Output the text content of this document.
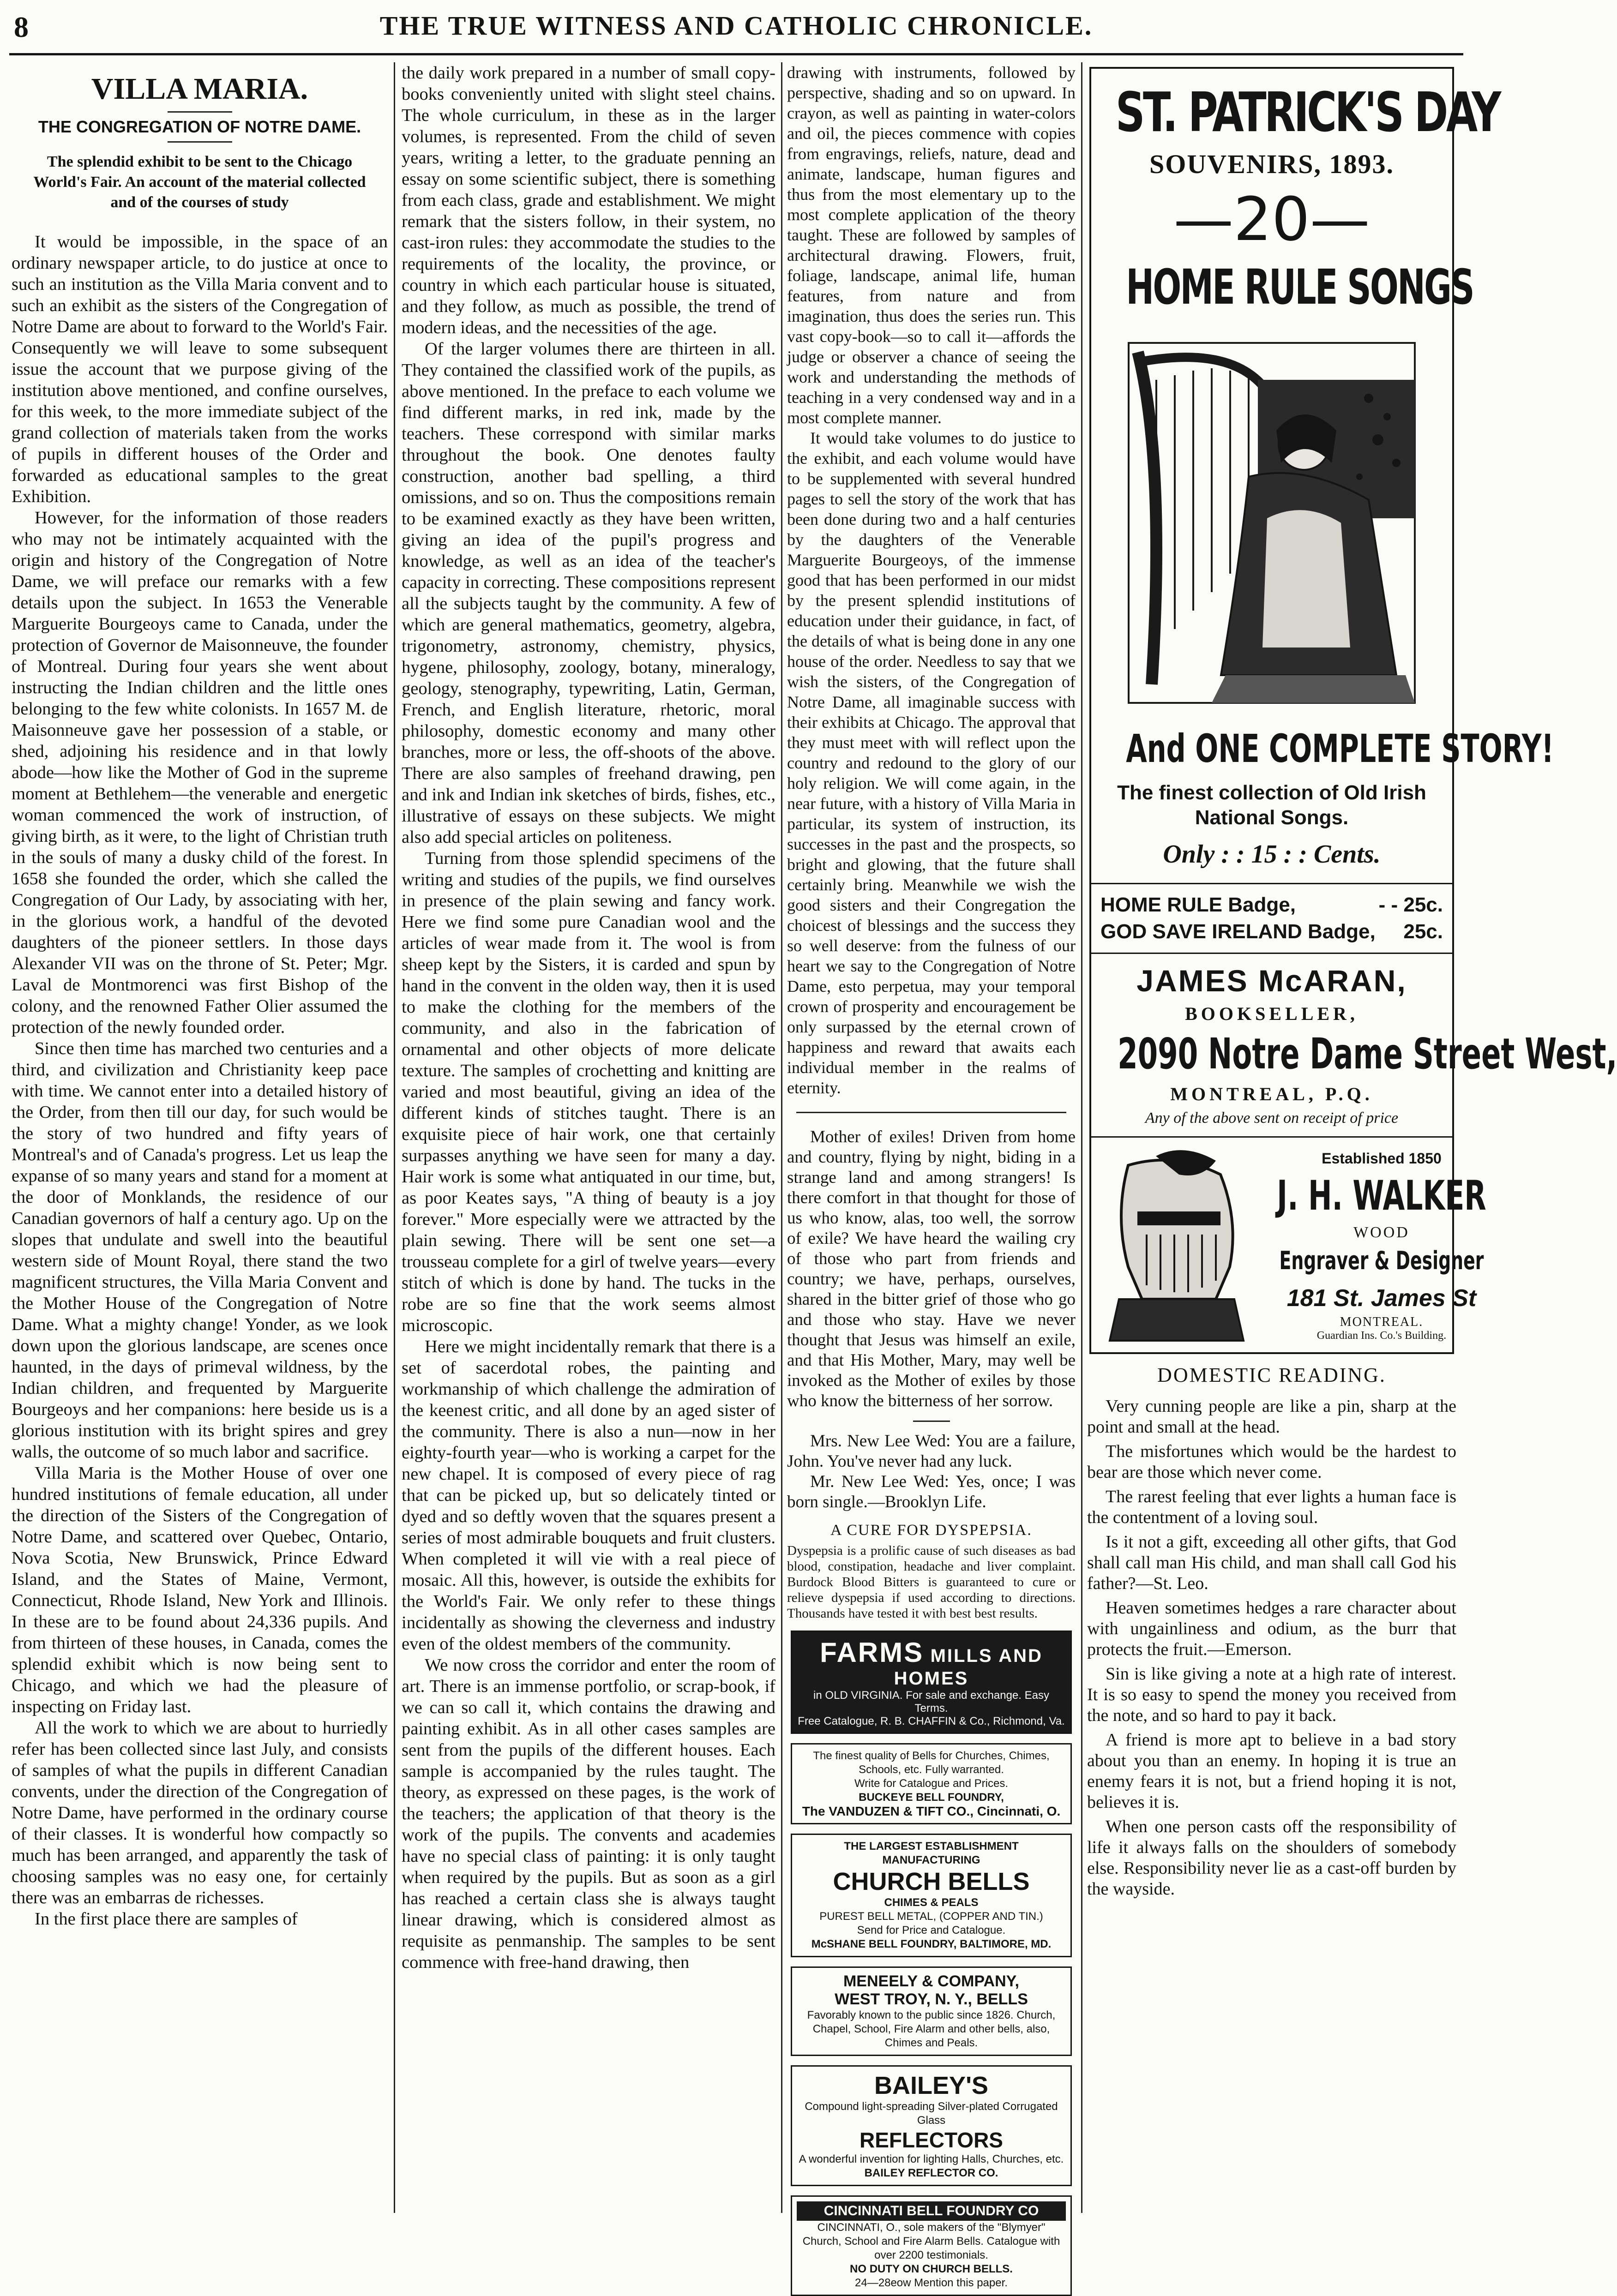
8	THE TRUE WITNESS AND CATHOLIC CHRONICLE.
VILLA MARIA.
THE CONGREGATION OF NOTRE DAME.
The splendid exhibit to be sent to the Chicago World's Fair. An account of the material collected and of the courses of study

It would be impossible, in the space of an ordinary newspaper article, to do justice at once to such an institution as the Villa Maria convent and to such an exhibit as the sisters of the Congregation of Notre Dame are about to forward to the World's Fair. Consequently we will leave to some subsequent issue the account that we purpose giving of the institution above mentioned, and confine ourselves, for this week, to the more immediate subject of the grand collection of materials taken from the works of pupils in different houses of the Order and forwarded as educational samples to the great Exhibition.

However, for the information of those readers who may not be intimately acquainted with the origin and history of the Congregation of Notre Dame, we will preface our remarks with a few details upon the subject. In 1653 the Venerable Marguerite Bourgeoys came to Canada, under the protection of Governor de Maisonneuve, the founder of Montreal. During four years she went about instructing the Indian children and the little ones belonging to the few white colonists. In 1657 M. de Maisonneuve gave her possession of a stable, or shed, adjoining his residence and in that lowly abode—how like the Mother of God in the supreme moment at Bethlehem—the venerable and energetic woman commenced the work of instruction, of giving birth, as it were, to the light of Christian truth in the souls of many a dusky child of the forest. In 1658 she founded the order, which she called the Congregation of Our Lady, by associating with her, in the glorious work, a handful of the devoted daughters of the pioneer settlers. In those days Alexander VII was on the throne of St. Peter; Mgr. Laval de Montmorenci was first Bishop of the colony, and the renowned Father Olier assumed the protection of the newly founded order.

Since then time has marched two centuries and a third, and civilization and Christianity keep pace with time. We cannot enter into a detailed history of the Order, from then till our day, for such would be the story of two hundred and fifty years of Montreal's and of Canada's progress. Let us leap the expanse of so many years and stand for a moment at the door of Monklands, the residence of our Canadian governors of half a century ago. Up on the slopes that undulate and swell into the beautiful western side of Mount Royal, there stand the two magnificent structures, the Villa Maria Convent and the Mother House of the Congregation of Notre Dame. What a mighty change! Yonder, as we look down upon the glorious landscape, are scenes once haunted, in the days of primeval wildness, by the Indian children, and frequented by Marguerite Bourgeoys and her companions: here beside us is a glorious institution with its bright spires and grey walls, the outcome of so much labor and sacrifice.

Villa Maria is the Mother House of over one hundred institutions of female education, all under the direction of the Sisters of the Congregation of Notre Dame, and scattered over Quebec, Ontario, Nova Scotia, New Brunswick, Prince Edward Island, and the States of Maine, Vermont, Connecticut, Rhode Island, New York and Illinois. In these are to be found about 24,336 pupils. And from thirteen of these houses, in Canada, comes the splendid exhibit which is now being sent to Chicago, and which we had the pleasure of inspecting on Friday last.

All the work to which we are about to hurriedly refer has been collected since last July, and consists of samples of what the pupils in different Canadian convents, under the direction of the Congregation of Notre Dame, have performed in the ordinary course of their classes. It is wonderful how compactly so much has been arranged, and apparently the task of choosing samples was no easy one, for certainly there was an embarras de richesses.

In the first place there are samples of

the daily work prepared in a number of small copy-books conveniently united with slight steel chains. The whole curriculum, in these as in the larger volumes, is represented. From the child of seven years, writing a letter, to the graduate penning an essay on some scientific subject, there is something from each class, grade and establishment. We might remark that the sisters follow, in their system, no cast-iron rules: they accommodate the studies to the requirements of the locality, the province, or country in which each particular house is situated, and they follow, as much as possible, the trend of modern ideas, and the necessities of the age.

Of the larger volumes there are thirteen in all. They contained the classified work of the pupils, as above mentioned. In the preface to each volume we find different marks, in red ink, made by the teachers. These correspond with similar marks throughout the book. One denotes faulty construction, another bad spelling, a third omissions, and so on. Thus the compositions remain to be examined exactly as they have been written, giving an idea of the pupil's progress and knowledge, as well as an idea of the teacher's capacity in correcting. These compositions represent all the subjects taught by the community. A few of which are general mathematics, geometry, algebra, trigonometry, astronomy, chemistry, physics, hygene, philosophy, zoology, botany, mineralogy, geology, stenography, typewriting, Latin, German, French, and English literature, rhetoric, moral philosophy, domestic economy and many other branches, more or less, the off-shoots of the above. There are also samples of freehand drawing, pen and ink and Indian ink sketches of birds, fishes, etc., illustrative of essays on these subjects. We might also add special articles on politeness.

Turning from those splendid specimens of the writing and studies of the pupils, we find ourselves in presence of the plain sewing and fancy work. Here we find some pure Canadian wool and the articles of wear made from it. The wool is from sheep kept by the Sisters, it is carded and spun by hand in the convent in the olden way, then it is used to make the clothing for the members of the community, and also in the fabrication of ornamental and other objects of more delicate texture. The samples of crochetting and knitting are varied and most beautiful, giving an idea of the different kinds of stitches taught. There is an exquisite piece of hair work, one that certainly surpasses anything we have seen for many a day. Hair work is some what antiquated in our time, but, as poor Keates says, "A thing of beauty is a joy forever." More especially were we attracted by the plain sewing. There will be sent one set—a trousseau complete for a girl of twelve years—every stitch of which is done by hand. The tucks in the robe are so fine that the work seems almost microscopic.

Here we might incidentally remark that there is a set of sacerdotal robes, the painting and workmanship of which challenge the admiration of the keenest critic, and all done by an aged sister of the community. There is also a nun—now in her eighty-fourth year—who is working a carpet for the new chapel. It is composed of every piece of rag that can be picked up, but so delicately tinted or dyed and so deftly woven that the squares present a series of most admirable bouquets and fruit clusters. When completed it will vie with a real piece of mosaic. All this, however, is outside the exhibits for the World's Fair. We only refer to these things incidentally as showing the cleverness and industry even of the oldest members of the community.

We now cross the corridor and enter the room of art. There is an immense portfolio, or scrap-book, if we can so call it, which contains the drawing and painting exhibit. As in all other cases samples are sent from the pupils of the different houses. Each sample is accompanied by the rules taught. The theory, as expressed on these pages, is the work of the teachers; the application of that theory is the work of the pupils. The convents and academies have no special class of painting: it is only taught when required by the pupils. But as soon as a girl has reached a certain class she is always taught linear drawing, which is considered almost as requisite as penmanship. The samples to be sent commence with free-hand drawing, then

drawing with instruments, followed by perspective, shading and so on upward. In crayon, as well as painting in water-colors and oil, the pieces commence with copies from engravings, reliefs, nature, dead and animate, landscape, human figures and thus from the most elementary up to the most complete application of the theory taught. These are followed by samples of architectural drawing. Flowers, fruit, foliage, landscape, animal life, human features, from nature and from imagination, thus does the series run. This vast copy-book—so to call it—affords the judge or observer a chance of seeing the work and understanding the methods of teaching in a very condensed way and in a most complete manner.

It would take volumes to do justice to the exhibit, and each volume would have to be supplemented with several hundred pages to sell the story of the work that has been done during two and a half centuries by the daughters of the Venerable Marguerite Bourgeoys, of the immense good that has been performed in our midst by the present splendid institutions of education under their guidance, in fact, of the details of what is being done in any one house of the order. Needless to say that we wish the sisters, of the Congregation of Notre Dame, all imaginable success with their exhibits at Chicago. The approval that they must meet with will reflect upon the country and redound to the glory of our holy religion. We will come again, in the near future, with a history of Villa Maria in particular, its system of instruction, its successes in the past and the prospects, so bright and glowing, that the future shall certainly bring. Meanwhile we wish the good sisters and their Congregation the choicest of blessings and the success they so well deserve: from the fulness of our heart we say to the Congregation of Notre Dame, esto perpetua, may your temporal crown of prosperity and encouragement be only surpassed by the eternal crown of happiness and reward that awaits each individual member in the realms of eternity.

Mother of exiles! Driven from home and country, flying by night, biding in a strange land and among strangers! Is there comfort in that thought for those of us who know, alas, too well, the sorrow of exile? We have heard the wailing cry of those who part from friends and country; we have, perhaps, ourselves, shared in the bitter grief of those who go and those who stay. Have we never thought that Jesus was himself an exile, and that His Mother, Mary, may well be invoked as the Mother of exiles by those who know the bitterness of her sorrow.

Mrs. New Lee Wed: You are a failure, John. You've never had any luck.

Mr. New Lee Wed: Yes, once; I was born single.—Brooklyn Life.

A CURE FOR DYSPEPSIA.
Dyspepsia is a prolific cause of such diseases as bad blood, constipation, headache and liver complaint. Burdock Blood Bitters is guaranteed to cure or relieve dyspepsia if used according to directions. Thousands have tested it with best best results.
FARMS MILLS AND HOMES
in OLD VIRGINIA. For sale and exchange. Easy Terms.
Free Catalogue, R. B. CHAFFIN & Co., Richmond, Va.
The finest quality of Bells for Churches, Chimes, Schools, etc. Fully warranted.
Write for Catalogue and Prices.
BUCKEYE BELL FOUNDRY,
The VANDUZEN & TIFT CO., Cincinnati, O.
THE LARGEST ESTABLISHMENT MANUFACTURING
CHURCH BELLS
CHIMES & PEALS
PUREST BELL METAL, (COPPER AND TIN.)
Send for Price and Catalogue.
McSHANE BELL FOUNDRY, BALTIMORE, MD.
MENEELY & COMPANY,
WEST TROY, N. Y., BELLS
Favorably known to the public since 1826. Church, Chapel, School, Fire Alarm and other bells, also, Chimes and Peals.
BAILEY'S
Compound light-spreading Silver-plated Corrugated Glass
REFLECTORS
A wonderful invention for lighting Halls, Churches, etc.
BAILEY REFLECTOR CO.
CINCINNATI BELL FOUNDRY CO
CINCINNATI, O., sole makers of the "Blymyer" Church, School and Fire Alarm Bells. Catalogue with over 2200 testimonials.
NO DUTY ON CHURCH BELLS.
24—28eow Mention this paper.
ST. PATRICK'S DAY
SOUVENIRS, 1893.
—20—
HOME RULE SONGS
And ONE COMPLETE STORY!
The finest collection of Old Irish National Songs.
Only : : 15 : : Cents.
HOME RULE Badge,	- - 25c.
GOD SAVE IRELAND Badge, 25c.
JAMES McARAN,
BOOKSELLER,
2090 Notre Dame Street West,
MONTREAL, P.Q.
Any of the above sent on receipt of price
Established 1850
J. H. WALKER
WOOD
Engraver & Designer
181 St. James St
MONTREAL.
Guardian Ins. Co.'s Building.
DOMESTIC READING.

Very cunning people are like a pin, sharp at the point and small at the head.

The misfortunes which would be the hardest to bear are those which never come.

The rarest feeling that ever lights a human face is the contentment of a loving soul.

Is it not a gift, exceeding all other gifts, that God shall call man His child, and man shall call God his father?—St. Leo.

Heaven sometimes hedges a rare character about with ungainliness and odium, as the burr that protects the fruit.—Emerson.

Sin is like giving a note at a high rate of interest. It is so easy to spend the money you received from the note, and so hard to pay it back.

A friend is more apt to believe in a bad story about you than an enemy. In hoping it is true an enemy fears it is not, but a friend hoping it is not, believes it is.

When one person casts off the responsibility of life it always falls on the shoulders of somebody else. Responsibility never lie as a cast-off burden by the wayside.
